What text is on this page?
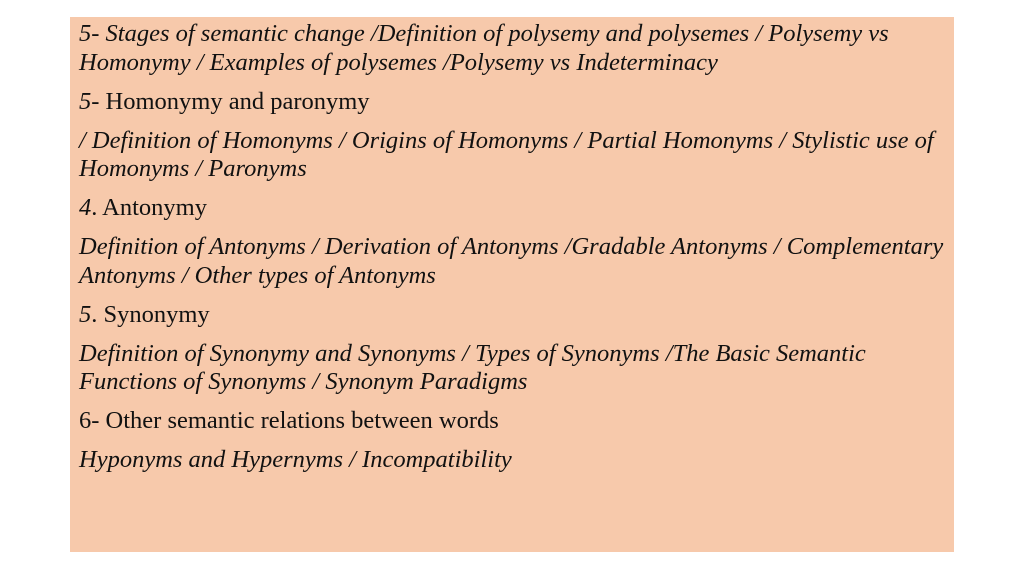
5- Stages of semantic change /Definition of polysemy and polysemes / Polysemy vs Homonymy / Examples of polysemes /Polysemy vs Indeterminacy

5- Homonymy and paronymy

/ Definition of Homonyms / Origins of Homonyms / Partial Homonyms / Stylistic use of Homonyms / Paronyms

4. Antonymy

Definition of Antonyms / Derivation of Antonyms /Gradable Antonyms / Complementary Antonyms / Other types of Antonyms

5. Synonymy

Definition of Synonymy and Synonyms / Types of Synonyms /The Basic Semantic Functions of Synonyms / Synonym Paradigms

6- Other semantic relations between words

Hyponyms and Hypernyms / Incompatibility
